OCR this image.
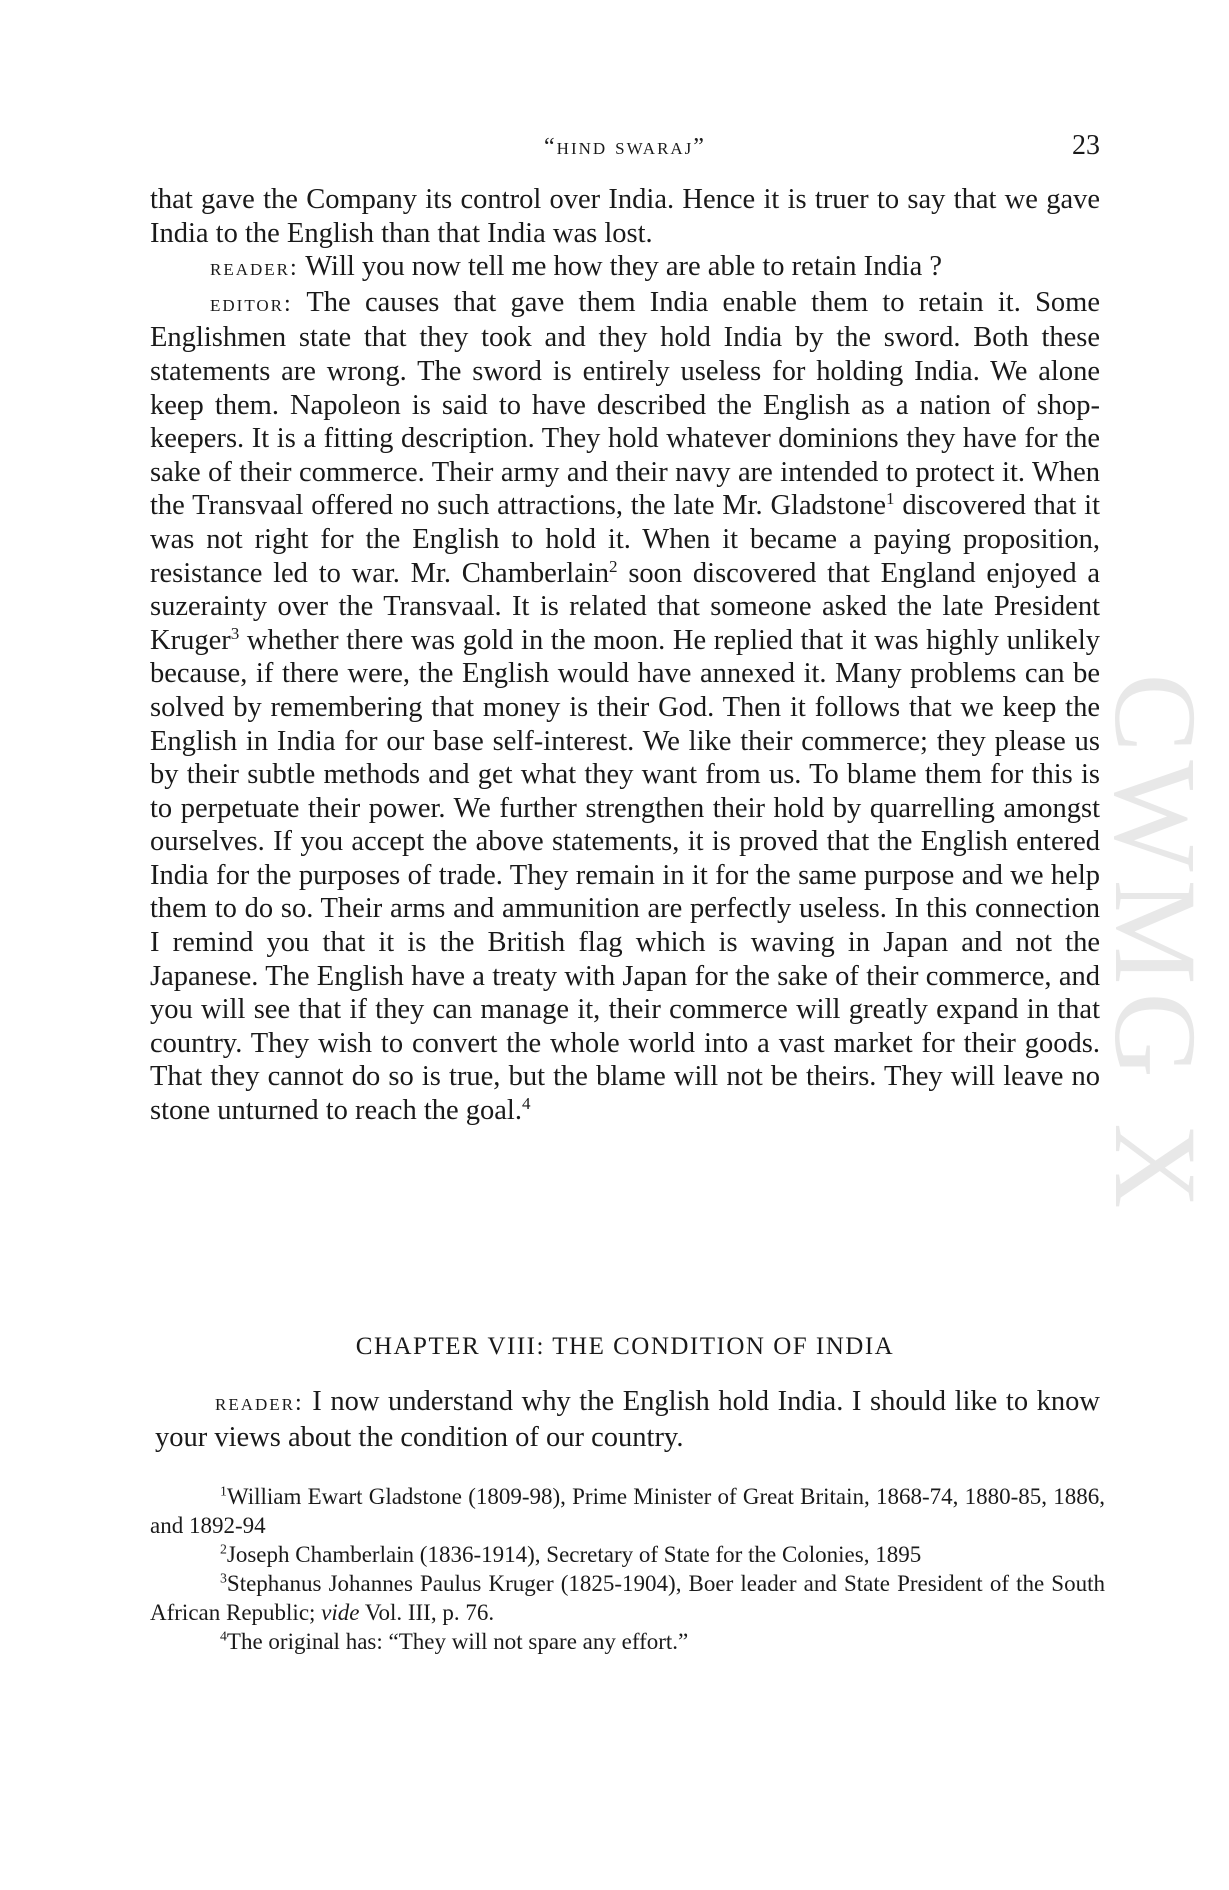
CWMG X
“hind swaraj”	23

that gave the Company its control over India. Hence it is truer to say that we gave India to the English than that India was lost.

reader: Will you now tell me how they are able to retain India ?

editor: The causes that gave them India enable them to retain it. Some Englishmen state that they took and they hold India by the sword. Both these statements are wrong. The sword is entirely useless for holding India. We alone keep them. Napoleon is said to have described the English as a nation of shop-keepers. It is a fitting description. They hold whatever dominions they have for the sake of their commerce. Their army and their navy are intended to protect it. When the Transvaal offered no such attractions, the late Mr. Gladstone$^1$ discovered that it was not right for the English to hold it. When it became a paying proposition, resistance led to war. Mr. Chamberlain$^2$ soon discovered that England enjoyed a suzerainty over the Transvaal. It is related that someone asked the late President Kruger$^3$ whether there was gold in the moon. He replied that it was highly unlikely because, if there were, the English would have annexed it. Many problems can be solved by remembering that money is their God. Then it follows that we keep the English in India for our base self-interest. We like their commerce; they please us by their subtle methods and get what they want from us. To blame them for this is to perpetuate their power. We further strengthen their hold by quarrelling amongst ourselves. If you accept the above statements, it is proved that the English entered India for the purposes of trade. They remain in it for the same purpose and we help them to do so. Their arms and ammunition are perfectly useless. In this connection I remind you that it is the British flag which is waving in Japan and not the Japanese. The English have a treaty with Japan for the sake of their commerce, and you will see that if they can manage it, their commerce will greatly expand in that country. They wish to convert the whole world into a vast market for their goods. That they cannot do so is true, but the blame will not be theirs. They will leave no stone unturned to reach the goal.$^4$

CHAPTER VIII: THE CONDITION OF INDIA

reader: I now understand why the English hold India. I should like to know your views about the condition of our country.

$^1$William Ewart Gladstone (1809-98), Prime Minister of Great Britain, 1868-74, 1880-85, 1886, and 1892-94

$^2$Joseph Chamberlain (1836-1914), Secretary of State for the Colonies, 1895

$^3$Stephanus Johannes Paulus Kruger (1825-1904), Boer leader and State President of the South African Republic; vide Vol. III, p. 76.

$^4$The original has: “They will not spare any effort.”
